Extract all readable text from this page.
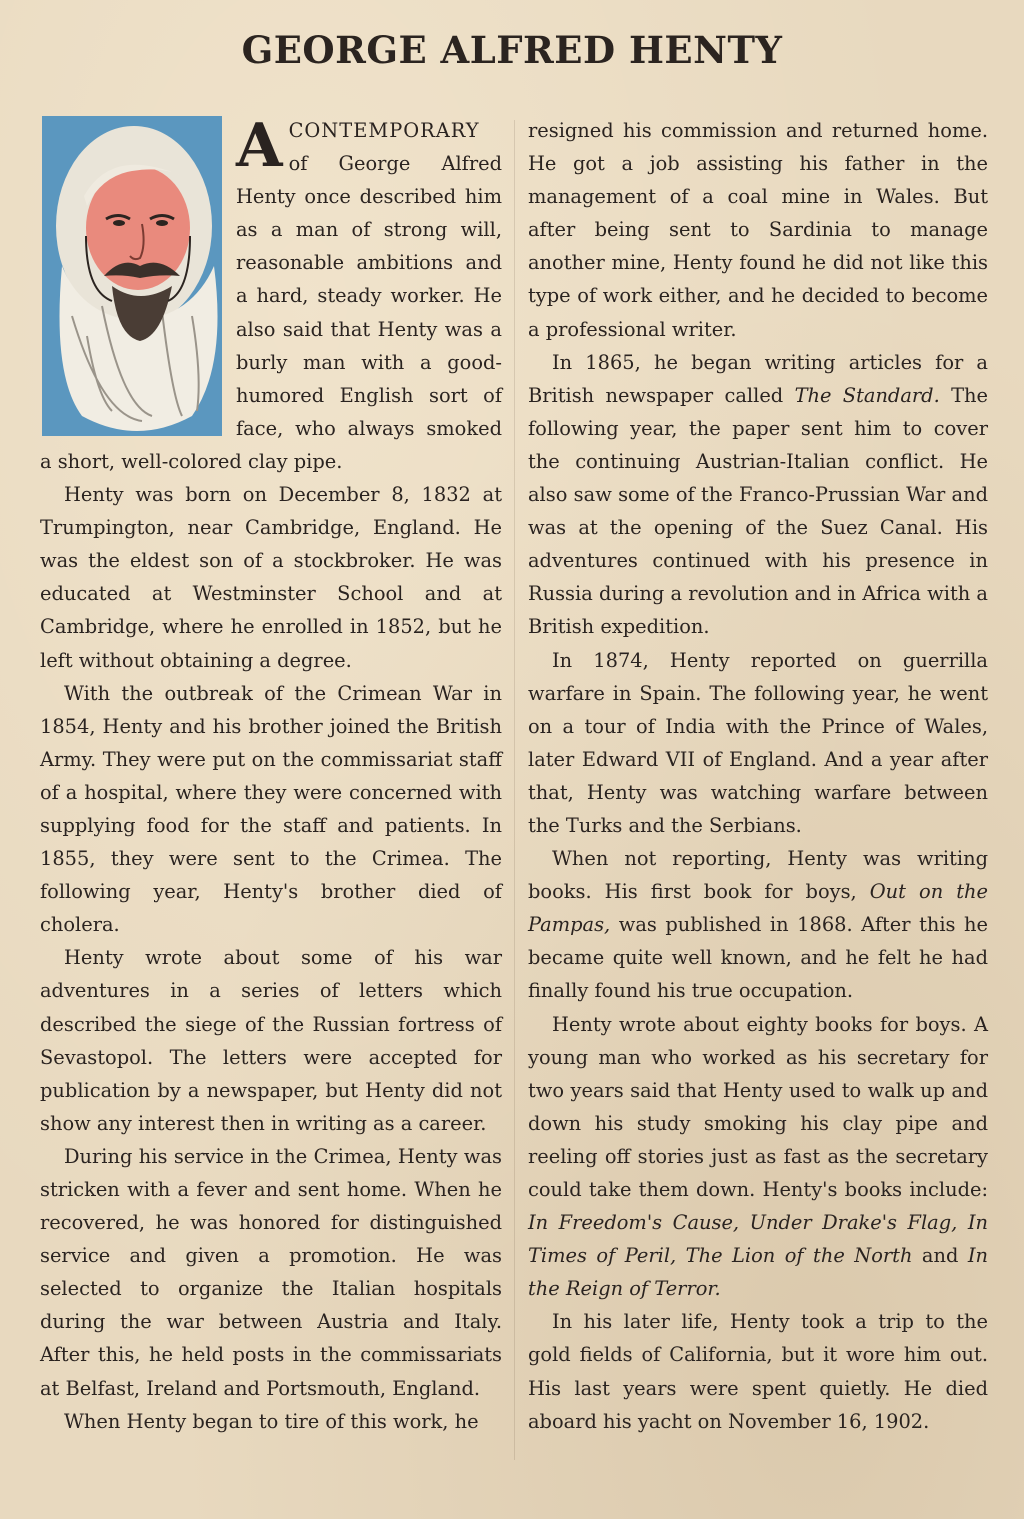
GEORGE ALFRED HENTY

ACONTEMPORARY of George Alfred Henty once described him as a man of strong will, reasonable ambitions and a hard, steady worker. He also said that Henty was a burly man with a good-humored English sort of face, who always smoked a short, well-colored clay pipe.

Henty was born on December 8, 1832 at Trumpington, near Cambridge, England. He was the eldest son of a stockbroker. He was educated at Westminster School and at Cambridge, where he enrolled in 1852, but he left without obtaining a degree.

With the outbreak of the Crimean War in 1854, Henty and his brother joined the British Army. They were put on the commissariat staff of a hospital, where they were concerned with supplying food for the staff and patients. In 1855, they were sent to the Crimea. The following year, Henty's brother died of cholera.

Henty wrote about some of his war adventures in a series of letters which described the siege of the Russian fortress of Sevastopol. The letters were accepted for publication by a newspaper, but Henty did not show any interest then in writing as a career.

During his service in the Crimea, Henty was stricken with a fever and sent home. When he recovered, he was honored for distinguished service and given a promotion. He was selected to organize the Italian hospitals during the war between Austria and Italy. After this, he held posts in the commissariats at Belfast, Ireland and Portsmouth, England.

When Henty began to tire of this work, he

resigned his commission and returned home. He got a job assisting his father in the management of a coal mine in Wales. But after being sent to Sardinia to manage another mine, Henty found he did not like this type of work either, and he decided to become a professional writer.

In 1865, he began writing articles for a British newspaper called The Standard. The following year, the paper sent him to cover the continuing Austrian-Italian conflict. He also saw some of the Franco-Prussian War and was at the opening of the Suez Canal. His adventures continued with his presence in Russia during a revolution and in Africa with a British expedition.

In 1874, Henty reported on guerrilla warfare in Spain. The following year, he went on a tour of India with the Prince of Wales, later Edward VII of England. And a year after that, Henty was watching warfare between the Turks and the Serbians.

When not reporting, Henty was writing books. His first book for boys, Out on the Pampas, was published in 1868. After this he became quite well known, and he felt he had finally found his true occupation.

Henty wrote about eighty books for boys. A young man who worked as his secretary for two years said that Henty used to walk up and down his study smoking his clay pipe and reeling off stories just as fast as the secretary could take them down. Henty's books include: In Freedom's Cause, Under Drake's Flag, In Times of Peril, The Lion of the North and In the Reign of Terror.

In his later life, Henty took a trip to the gold fields of California, but it wore him out. His last years were spent quietly. He died aboard his yacht on November 16, 1902.
